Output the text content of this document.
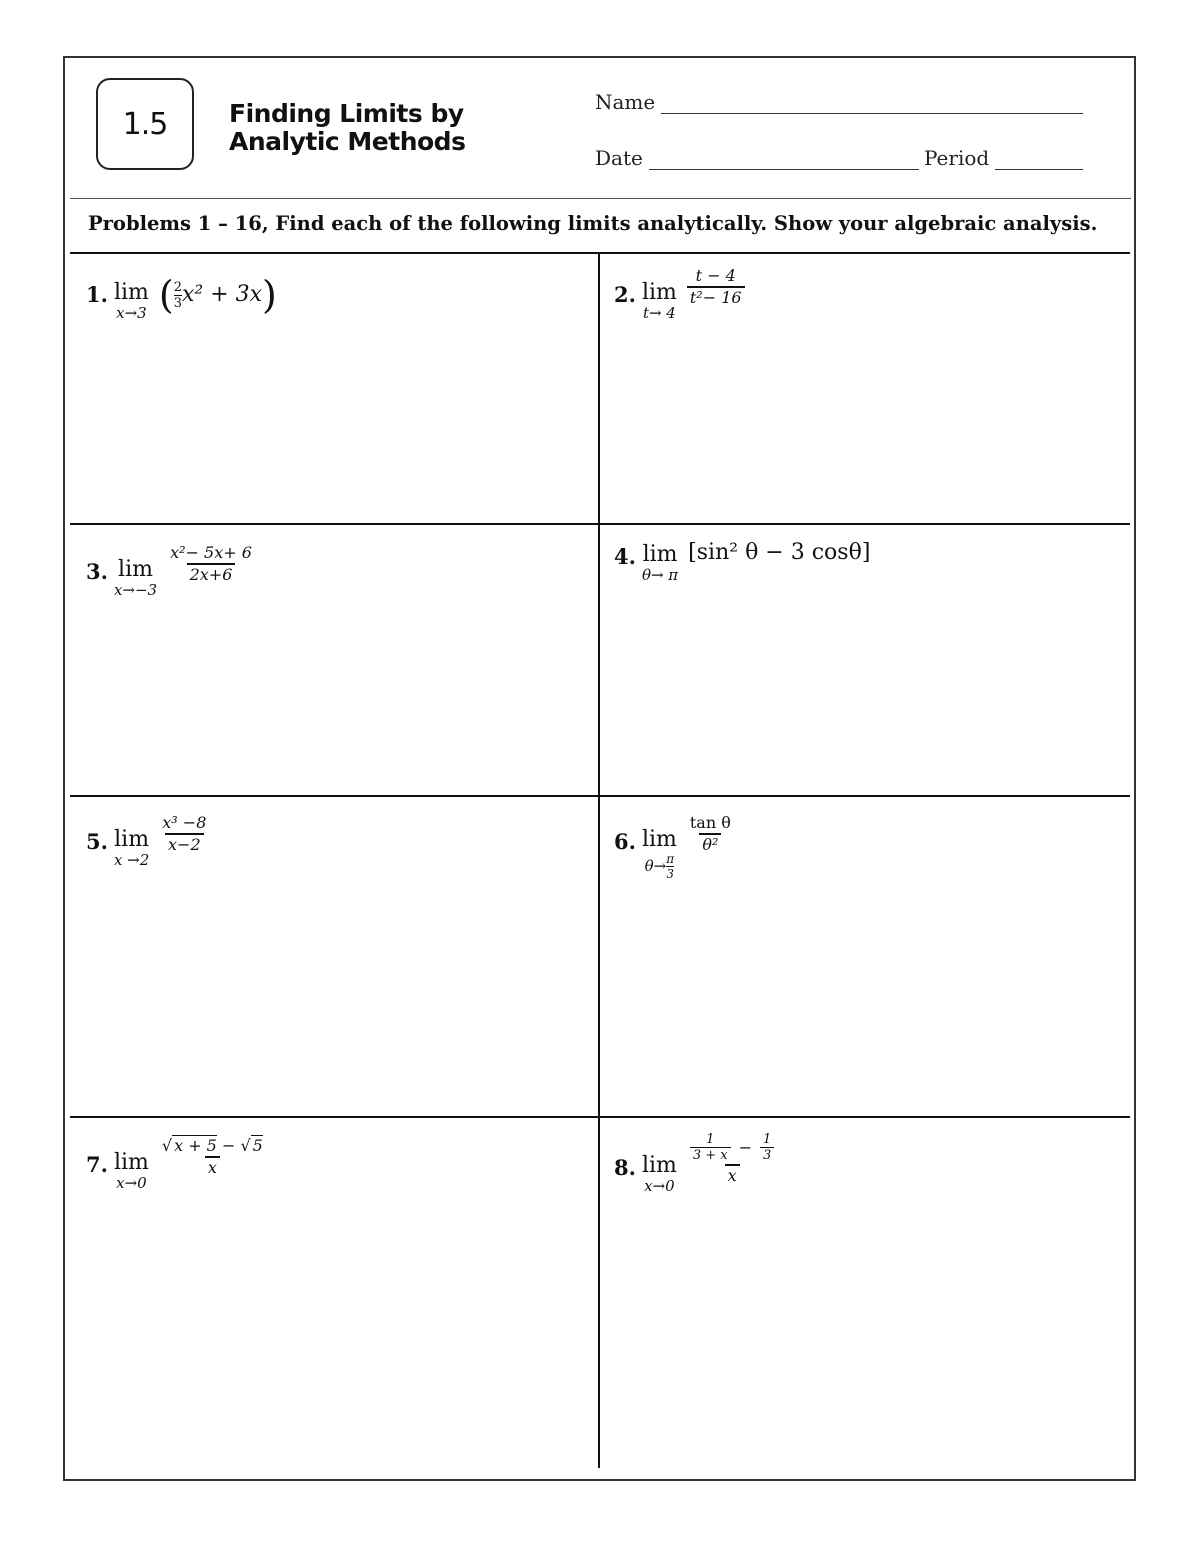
1.5	Finding Limits by
Analytic Methods
Name
Date	Period
Problems 1 – 16, Find each of the following limits analytically. Show your algebraic analysis.
1. lim
x→3 ( $\frac{2}{3} x^2 + 3x$)	2. lim
t→ 4
$\frac{t - 4}{\text{t²− 16}}$
3. lim
x→−3
$\frac{\text{x²− 5x+ 6}}{2x+6}$	4. lim
θ→ π
[sin² θ − 3 cosθ]
5. lim
x →2
$\frac{\text{x³ −8}}{x-2}$	6. lim
$\theta\to \frac{\pi}{3}$
$\frac{\text{tan θ}}{\text{θ²}}$
7. lim
x→0
$\frac{√ x + 5 - √ 5}{x}$	8. lim
x→0
$\frac{\frac{1}{3 + x} - \frac{1}{3}}{x}$
